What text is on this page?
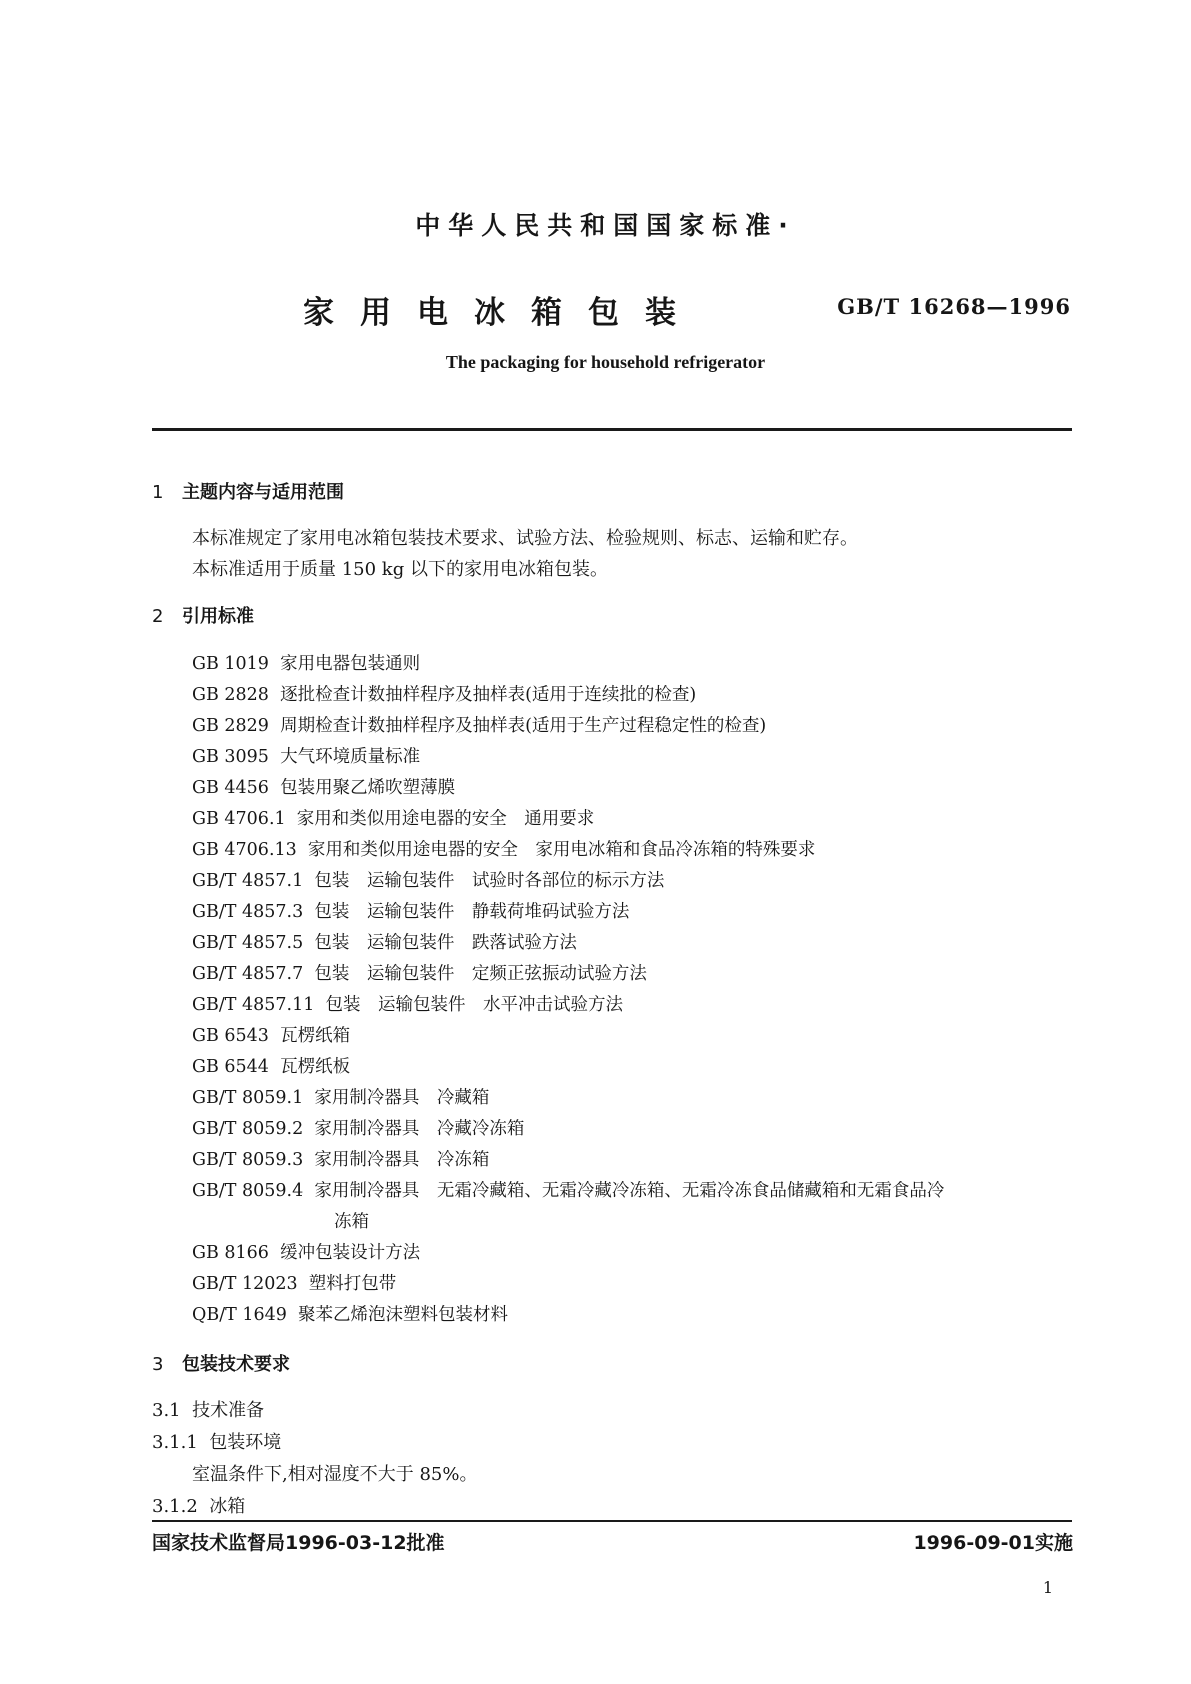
中华人民共和国国家标准·
家用电冰箱包装	GB/T 16268—1996
The packaging for household refrigerator
1 主题内容与适用范围
本标准规定了家用电冰箱包装技术要求、试验方法、检验规则、标志、运输和贮存。
本标准适用于质量 150 kg 以下的家用电冰箱包装。
2 引用标准
GB 1019 家用电器包装通则
GB 2828 逐批检查计数抽样程序及抽样表(适用于连续批的检查)
GB 2829 周期检查计数抽样程序及抽样表(适用于生产过程稳定性的检查)
GB 3095 大气环境质量标准
GB 4456 包装用聚乙烯吹塑薄膜
GB 4706.1 家用和类似用途电器的安全　通用要求
GB 4706.13 家用和类似用途电器的安全　家用电冰箱和食品冷冻箱的特殊要求
GB/T 4857.1 包装　运输包装件　试验时各部位的标示方法
GB/T 4857.3 包装　运输包装件　静载荷堆码试验方法
GB/T 4857.5 包装　运输包装件　跌落试验方法
GB/T 4857.7 包装　运输包装件　定频正弦振动试验方法
GB/T 4857.11 包装　运输包装件　水平冲击试验方法
GB 6543 瓦楞纸箱
GB 6544 瓦楞纸板
GB/T 8059.1 家用制冷器具　冷藏箱
GB/T 8059.2 家用制冷器具　冷藏冷冻箱
GB/T 8059.3 家用制冷器具　冷冻箱
GB/T 8059.4 家用制冷器具　无霜冷藏箱、无霜冷藏冷冻箱、无霜冷冻食品储藏箱和无霜食品冷
冻箱
GB 8166 缓冲包装设计方法
GB/T 12023 塑料打包带
QB/T 1649 聚苯乙烯泡沫塑料包装材料
3 包装技术要求
3.1 技术准备
3.1.1 包装环境
室温条件下,相对湿度不大于 85%。
3.1.2 冰箱
国家技术监督局1996-03-12批准	1996-09-01实施
1
